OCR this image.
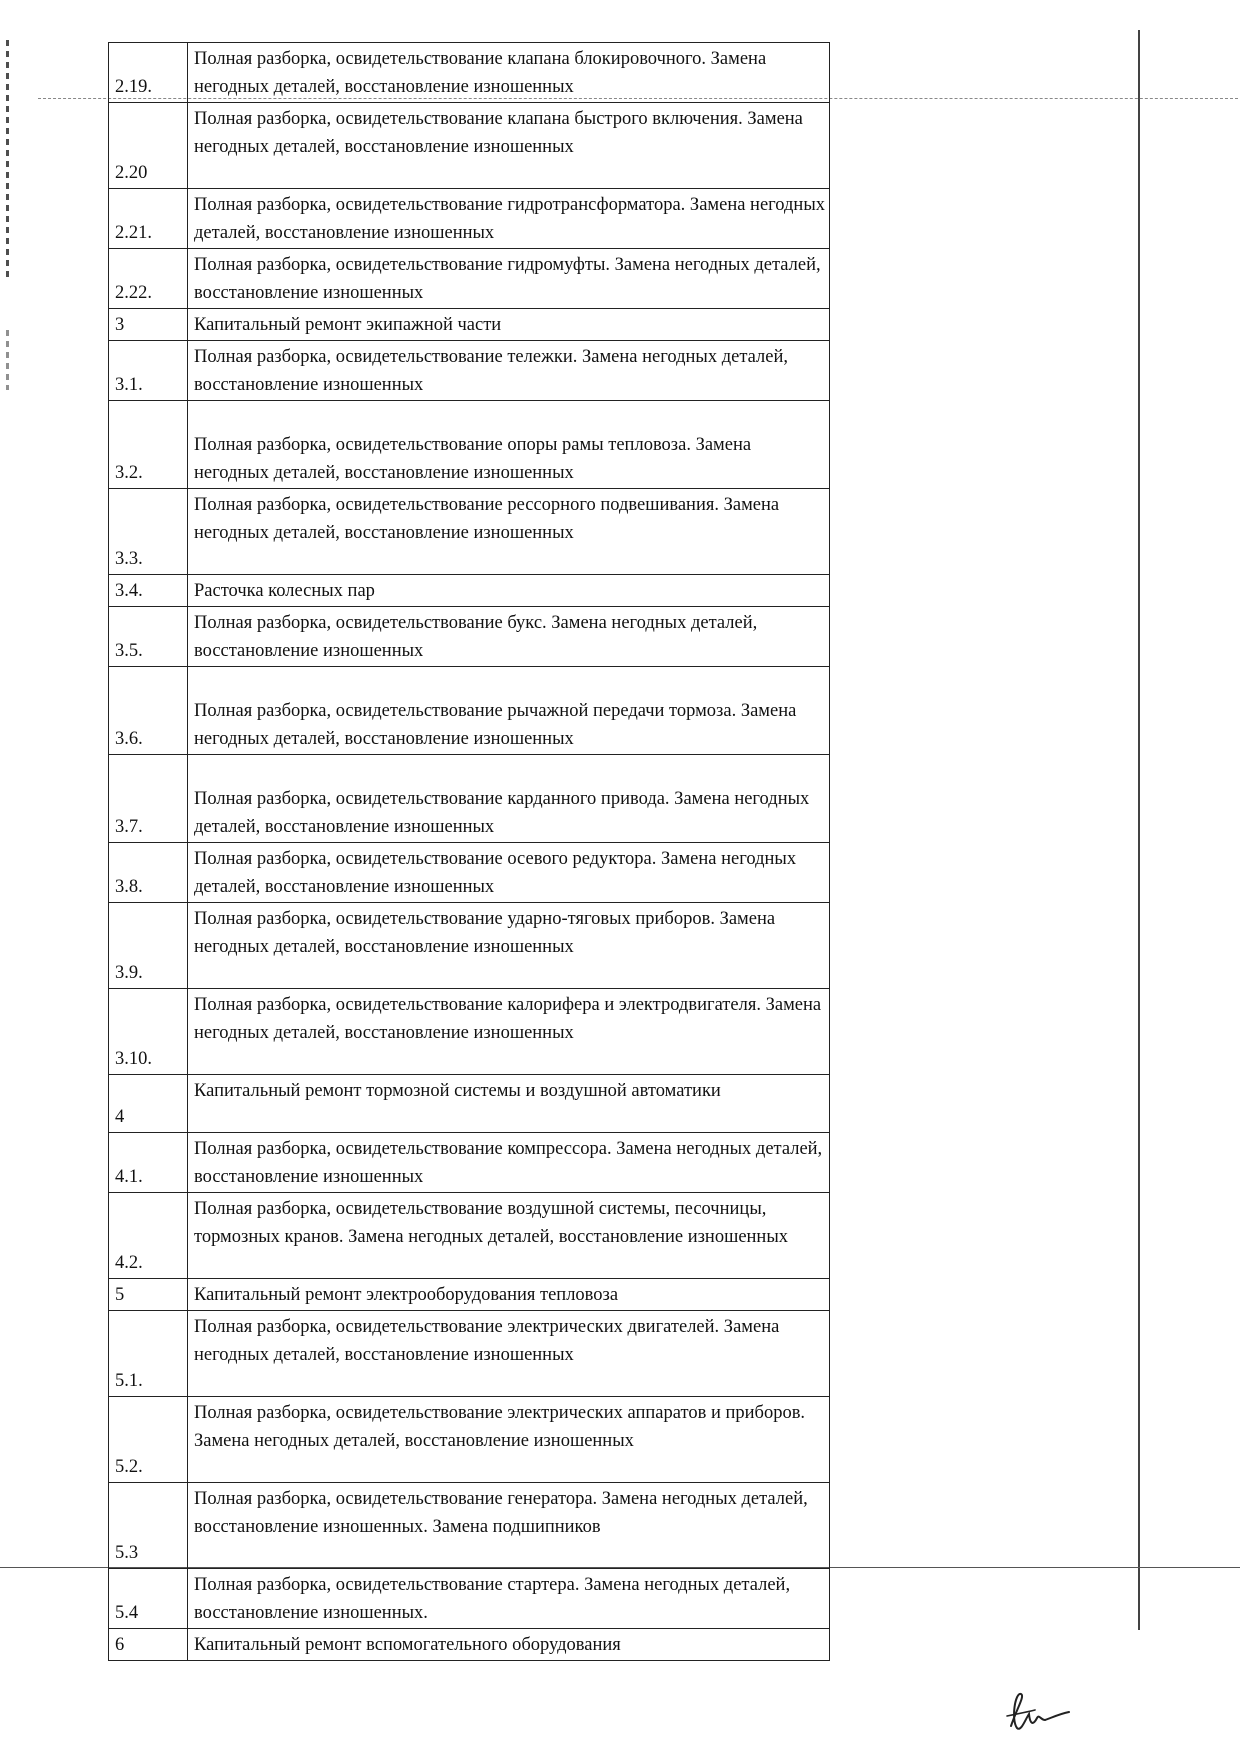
2.19.	Полная разборка, освидетельствование клапана блокировочного. Замена негодных деталей, восстановление изношенных
2.20	Полная разборка, освидетельствование клапана быстрого включения. Замена негодных деталей, восстановление изношенных
2.21.	Полная разборка, освидетельствование гидротрансформатора. Замена негодных деталей, восстановление изношенных
2.22.	Полная разборка, освидетельствование гидромуфты. Замена негодных деталей, восстановление изношенных
3	Капитальный ремонт экипажной части
3.1.	Полная разборка, освидетельствование тележки. Замена негодных деталей, восстановление изношенных
3.2.	Полная разборка, освидетельствование опоры рамы тепловоза. Замена негодных деталей, восстановление изношенных
3.3.	Полная разборка, освидетельствование рессорного подвешивания. Замена негодных деталей, восстановление изношенных
3.4.	Расточка колесных пар
3.5.	Полная разборка, освидетельствование букс. Замена негодных деталей, восстановление изношенных
3.6.	Полная разборка, освидетельствование рычажной передачи тормоза. Замена негодных деталей, восстановление изношенных
3.7.	Полная разборка, освидетельствование карданного привода. Замена негодных деталей, восстановление изношенных
3.8.	Полная разборка, освидетельствование осевого редуктора. Замена негодных деталей, восстановление изношенных
3.9.	Полная разборка, освидетельствование ударно-тяговых приборов. Замена негодных деталей, восстановление изношенных
3.10.	Полная разборка, освидетельствование калорифера и электродвигателя. Замена негодных деталей, восстановление изношенных
4	Капитальный ремонт тормозной системы и воздушной автоматики
4.1.	Полная разборка, освидетельствование компрессора. Замена негодных деталей, восстановление изношенных
4.2.	Полная разборка, освидетельствование воздушной системы, песочницы, тормозных кранов. Замена негодных деталей, восстановление изношенных
5	Капитальный ремонт электрооборудования тепловоза
5.1.	Полная разборка, освидетельствование электрических двигателей. Замена негодных деталей, восстановление изношенных
5.2.	Полная разборка, освидетельствование электрических аппаратов и приборов. Замена негодных деталей, восстановление изношенных
5.3	Полная разборка, освидетельствование генератора. Замена негодных деталей, восстановление изношенных. Замена подшипников
5.4	Полная разборка, освидетельствование стартера. Замена негодных деталей, восстановление изношенных.
6	Капитальный ремонт вспомогательного оборудования
